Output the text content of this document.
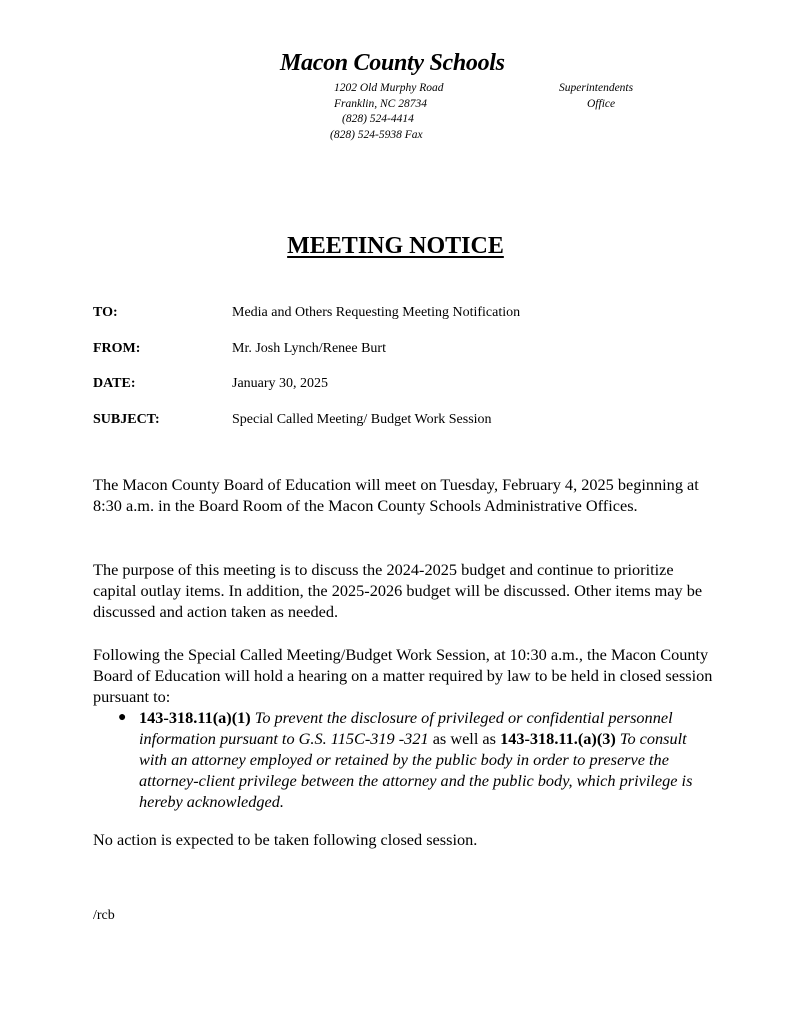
Macon County Schools
1202 Old Murphy Road
Franklin, NC 28734
(828) 524-4414
(828) 524-5938 Fax
Superintendents
Office
MEETING NOTICE
TO:	Media and Others Requesting Meeting Notification
FROM:	Mr. Josh Lynch/Renee Burt
DATE:	January 30, 2025
SUBJECT:	Special Called Meeting/ Budget Work Session
The Macon County Board of Education will meet on Tuesday, February 4, 2025 beginning at 8:30 a.m. in the Board Room of the Macon County Schools Administrative Offices.
The purpose of this meeting is to discuss the 2024-2025 budget and continue to prioritize capital outlay items. In addition, the 2025-2026 budget will be discussed. Other items may be discussed and action taken as needed.
Following the Special Called Meeting/Budget Work Session, at 10:30 a.m., the Macon County Board of Education will hold a hearing on a matter required by law to be held in closed session pursuant to:
● 143-318.11(a)(1) To prevent the disclosure of privileged or confidential personnel information pursuant to G.S. 115C-319 -321 as well as 143-318.11.(a)(3) To consult with an attorney employed or retained by the public body in order to preserve the attorney-client privilege between the attorney and the public body, which privilege is hereby acknowledged.
No action is expected to be taken following closed session.
/rcb
